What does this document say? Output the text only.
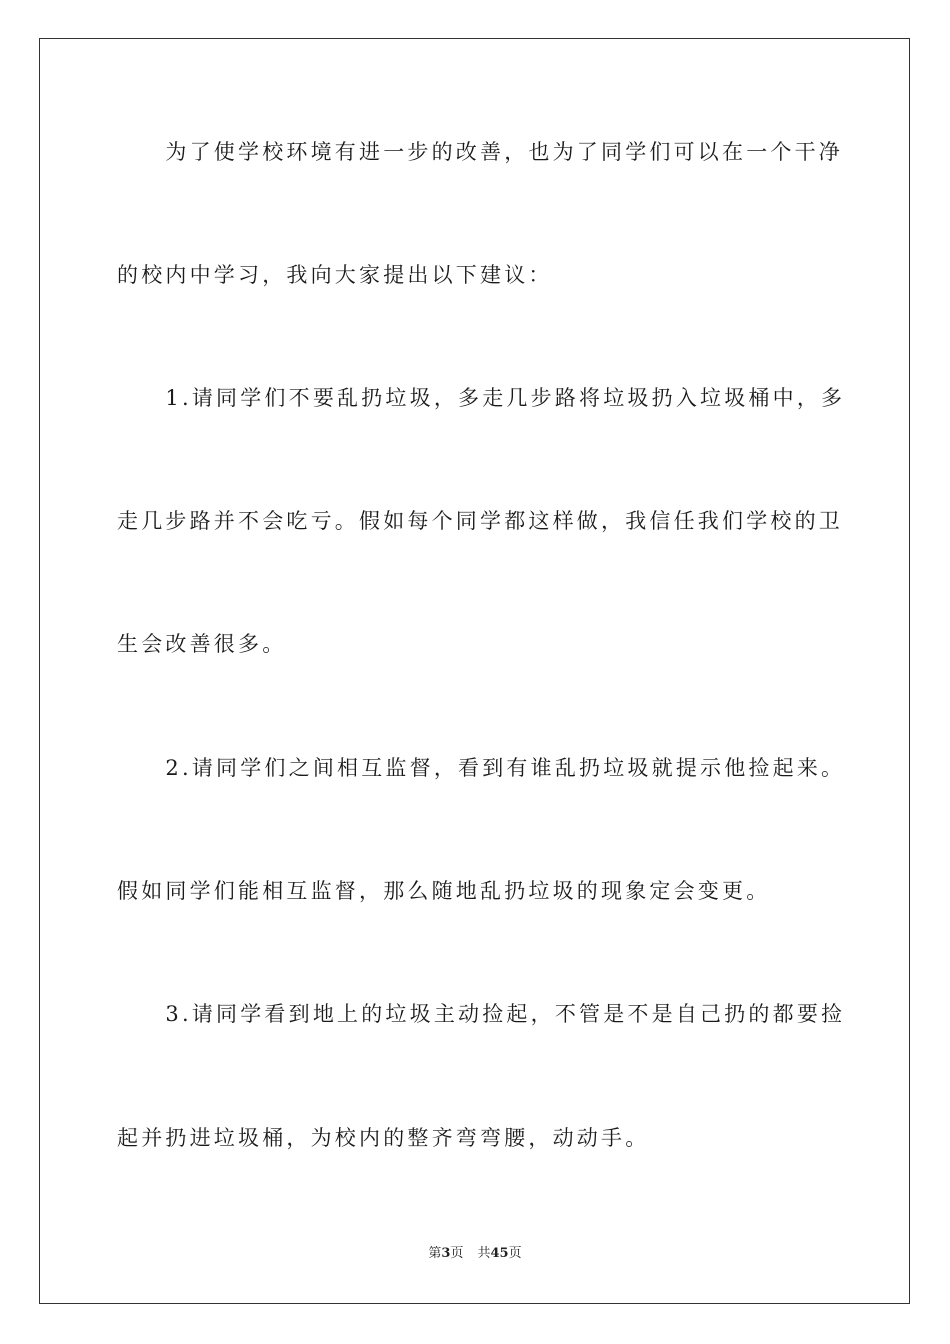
　　为了使学校环境有进一步的改善，也为了同学们可以在一个干净
的校内中学习，我向大家提出以下建议：
　　1.请同学们不要乱扔垃圾，多走几步路将垃圾扔入垃圾桶中，多
走几步路并不会吃亏。假如每个同学都这样做，我信任我们学校的卫
生会改善很多。
　　2.请同学们之间相互监督，看到有谁乱扔垃圾就提示他捡起来。
假如同学们能相互监督，那么随地乱扔垃圾的现象定会变更。
　　3.请同学看到地上的垃圾主动捡起，不管是不是自己扔的都要捡
起并扔进垃圾桶，为校内的整齐弯弯腰，动动手。
第3页 共45页
